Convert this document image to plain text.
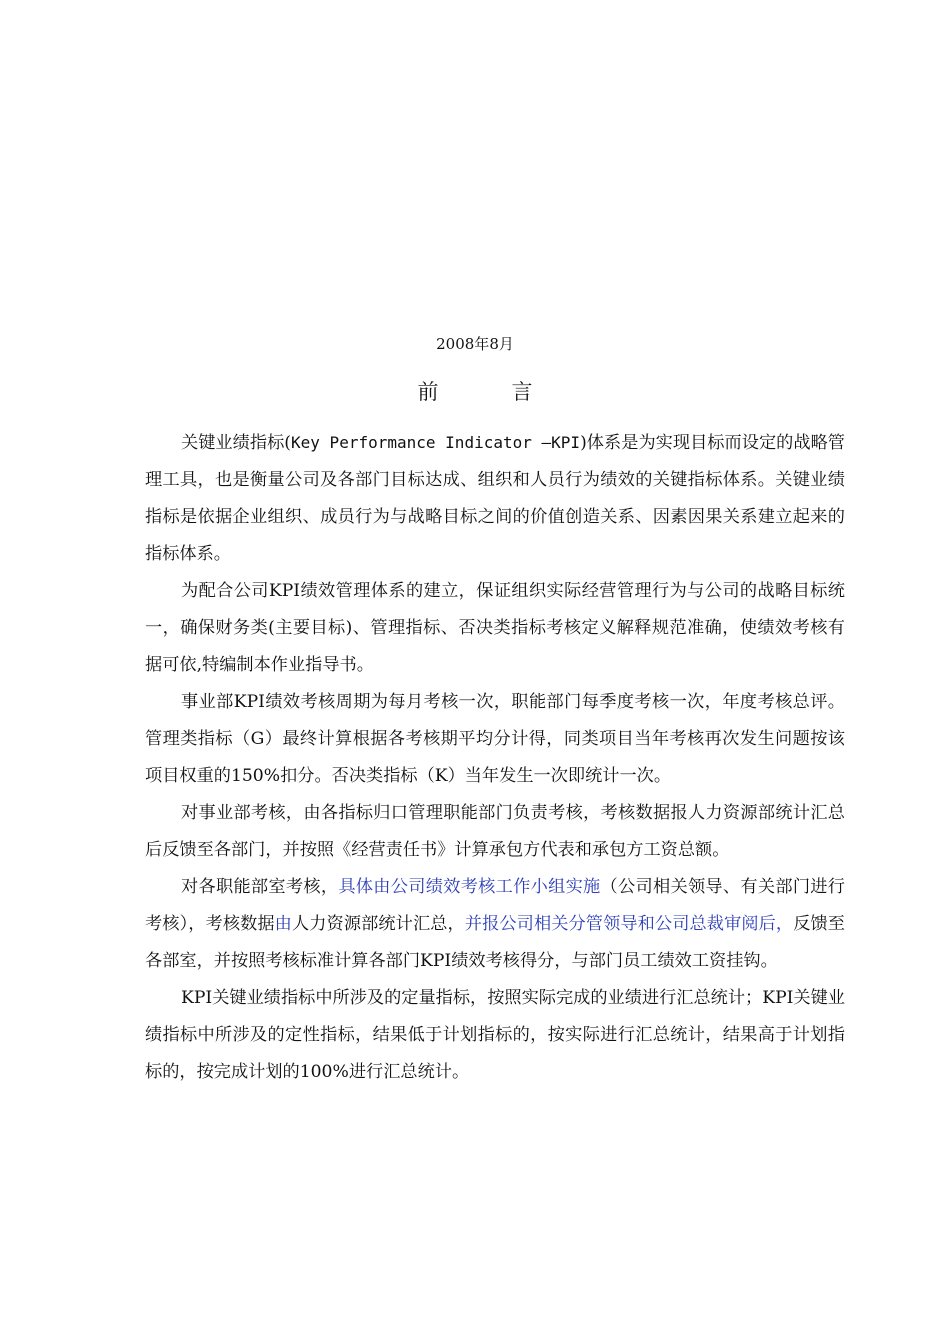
2008年8月
前　言

关键业绩指标(Key Performance Indicator —KPI)体系是为实现目标而设定的战略管理工具，也是衡量公司及各部门目标达成、组织和人员行为绩效的关键指标体系。关键业绩指标是依据企业组织、成员行为与战略目标之间的价值创造关系、因素因果关系建立起来的指标体系。

为配合公司KPI绩效管理体系的建立，保证组织实际经营管理行为与公司的战略目标统一，确保财务类(主要目标)、管理指标、否决类指标考核定义解释规范准确，使绩效考核有据可依,特编制本作业指导书。

事业部KPI绩效考核周期为每月考核一次，职能部门每季度考核一次，年度考核总评。管理类指标（G）最终计算根据各考核期平均分计得，同类项目当年考核再次发生问题按该项目权重的150%扣分。否决类指标（K）当年发生一次即统计一次。

对事业部考核，由各指标归口管理职能部门负责考核，考核数据报人力资源部统计汇总后反馈至各部门，并按照《经营责任书》计算承包方代表和承包方工资总额。

对各职能部室考核，具体由公司绩效考核工作小组实施（公司相关领导、有关部门进行考核），考核数据由人力资源部统计汇总，并报公司相关分管领导和公司总裁审阅后，反馈至各部室，并按照考核标准计算各部门KPI绩效考核得分，与部门员工绩效工资挂钩。

KPI关键业绩指标中所涉及的定量指标，按照实际完成的业绩进行汇总统计；KPI关键业绩指标中所涉及的定性指标，结果低于计划指标的，按实际进行汇总统计，结果高于计划指标的，按完成计划的100%进行汇总统计。
